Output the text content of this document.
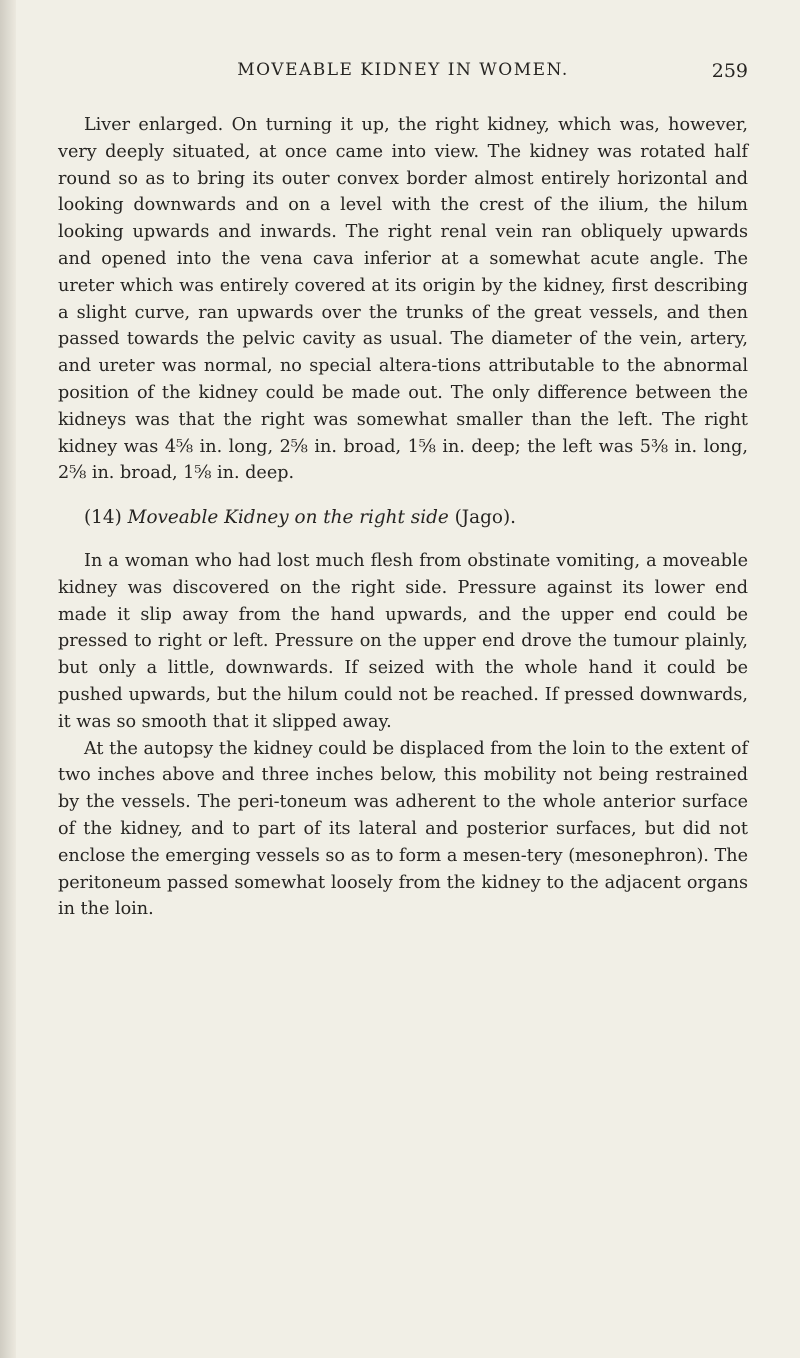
MOVEABLE KIDNEY IN WOMEN.	259

Liver enlarged. On turning it up, the right kidney, which was, however, very deeply situated, at once came into view. The kidney was rotated half round so as to bring its outer convex border almost entirely horizontal and looking downwards and on a level with the crest of the ilium, the hilum looking upwards and inwards. The right renal vein ran obliquely upwards and opened into the vena cava inferior at a somewhat acute angle. The ureter which was entirely covered at its origin by the kidney, first describing a slight curve, ran upwards over the trunks of the great vessels, and then passed towards the pelvic cavity as usual. The diameter of the vein, artery, and ureter was normal, no special altera-tions attributable to the abnormal position of the kidney could be made out. The only difference between the kidneys was that the right was somewhat smaller than the left. The right kidney was 4⅝ in. long, 2⅝ in. broad, 1⅝ in. deep; the left was 5⅜ in. long, 2⅝ in. broad, 1⅝ in. deep.

(14) Moveable Kidney on the right side (Jago).

In a woman who had lost much flesh from obstinate vomiting, a moveable kidney was discovered on the right side. Pressure against its lower end made it slip away from the hand upwards, and the upper end could be pressed to right or left. Pressure on the upper end drove the tumour plainly, but only a little, downwards. If seized with the whole hand it could be pushed upwards, but the hilum could not be reached. If pressed downwards, it was so smooth that it slipped away.

At the autopsy the kidney could be displaced from the loin to the extent of two inches above and three inches below, this mobility not being restrained by the vessels. The peri-toneum was adherent to the whole anterior surface of the kidney, and to part of its lateral and posterior surfaces, but did not enclose the emerging vessels so as to form a mesen-tery (mesonephron). The peritoneum passed somewhat loosely from the kidney to the adjacent organs in the loin.
